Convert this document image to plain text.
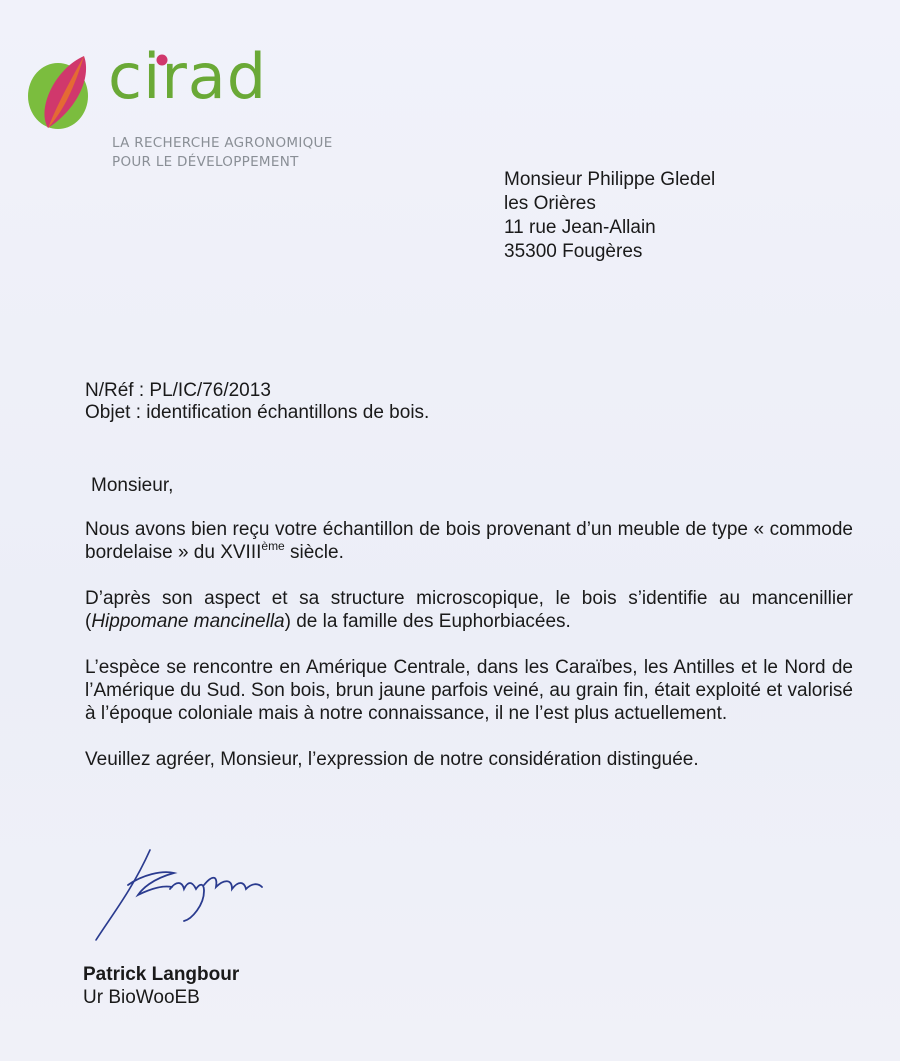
cirad
LA RECHERCHE AGRONOMIQUE
POUR LE DÉVELOPPEMENT
Monsieur Philippe Gledel
les Orières
11 rue Jean-Allain
35300 Fougères
N/Réf : PL/IC/76/2013
Objet : identification échantillons de bois.

Monsieur,

Nous avons bien reçu votre échantillon de bois provenant d’un meuble de type « commode bordelaise » du XVIIIème siècle.

D’après son aspect et sa structure microscopique, le bois s’identifie au mancenillier (Hippomane mancinella) de la famille des Euphorbiacées.

L’espèce se rencontre en Amérique Centrale, dans les Caraïbes, les Antilles et le Nord de l’Amérique du Sud. Son bois, brun jaune parfois veiné, au grain fin, était exploité et valorisé à l’époque coloniale mais à notre connaissance, il ne l’est plus actuellement.

Veuillez agréer, Monsieur, l’expression de notre considération distinguée.

Patrick Langbour
Ur BioWooEB
